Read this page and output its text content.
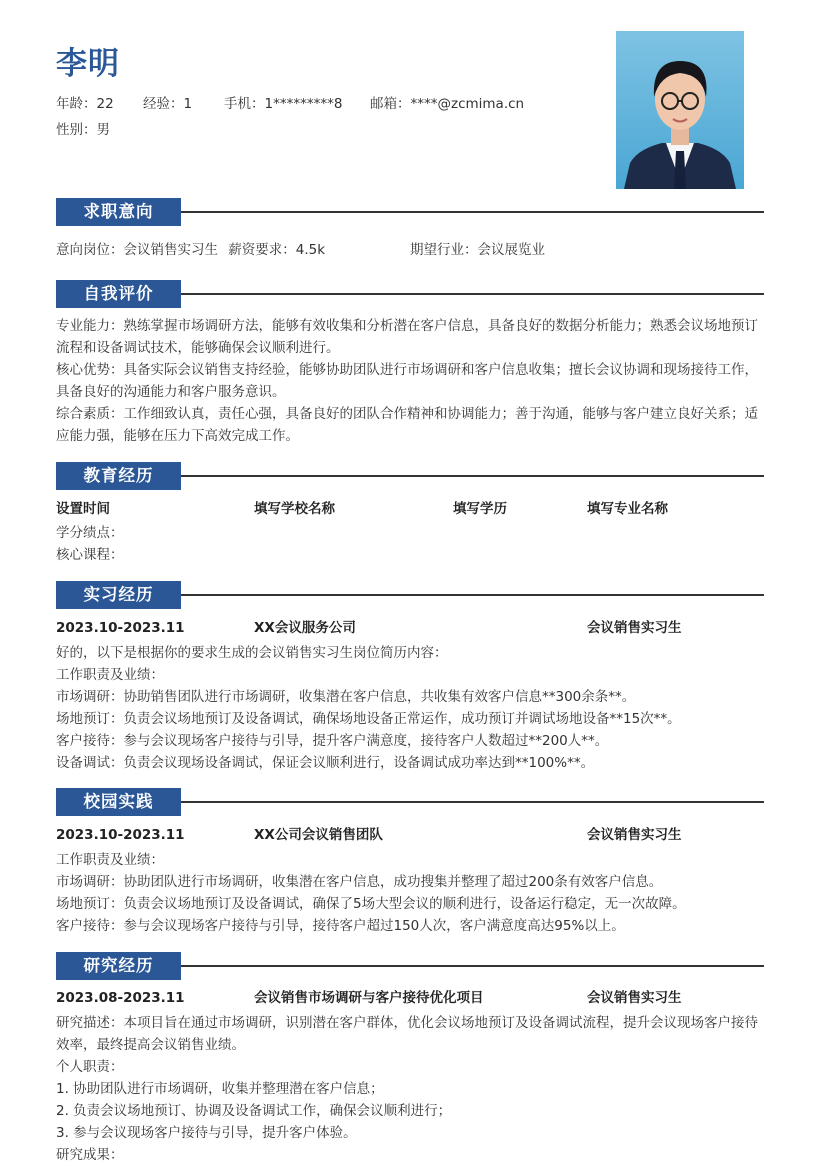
李明
年龄：22	经验：1	手机：1*********8	邮箱：****@zcmima.cn
性别：男
求职意向
意向岗位：会议销售实习生 薪资要求：4.5k	期望行业：会议展览业
自我评价

专业能力：熟练掌握市场调研方法，能够有效收集和分析潜在客户信息，具备良好的数据分析能力；熟悉会议场地预订流程和设备调试技术，能够确保会议顺利进行。

核心优势：具备实际会议销售支持经验，能够协助团队进行市场调研和客户信息收集；擅长会议协调和现场接待工作，具备良好的沟通能力和客户服务意识。

综合素质：工作细致认真，责任心强，具备良好的团队合作精神和协调能力；善于沟通，能够与客户建立良好关系；适应能力强，能够在压力下高效完成工作。

教育经历
设置时间	填写学校名称	填写学历	填写专业名称
学分绩点：
核心课程：
实习经历
2023.10-2023.11	XX会议服务公司	会议销售实习生
好的，以下是根据你的要求生成的会议销售实习生岗位简历内容：
工作职责及业绩：
市场调研：协助销售团队进行市场调研，收集潜在客户信息，共收集有效客户信息**300余条**。
场地预订：负责会议场地预订及设备调试，确保场地设备正常运作，成功预订并调试场地设备**15次**。
客户接待：参与会议现场客户接待与引导，提升客户满意度，接待客户人数超过**200人**。
设备调试：负责会议现场设备调试，保证会议顺利进行，设备调试成功率达到**100%**。
校园实践
2023.10-2023.11	XX公司会议销售团队	会议销售实习生
工作职责及业绩：
市场调研：协助团队进行市场调研，收集潜在客户信息，成功搜集并整理了超过200条有效客户信息。
场地预订：负责会议场地预订及设备调试，确保了5场大型会议的顺利进行，设备运行稳定，无一次故障。
客户接待：参与会议现场客户接待与引导，接待客户超过150人次，客户满意度高达95%以上。
研究经历
2023.08-2023.11	会议销售市场调研与客户接待优化项目	会议销售实习生

研究描述：本项目旨在通过市场调研，识别潜在客户群体，优化会议场地预订及设备调试流程，提升会议现场客户接待效率，最终提高会议销售业绩。

个人职责：
1. 协助团队进行市场调研，收集并整理潜在客户信息；
2. 负责会议场地预订、协调及设备调试工作，确保会议顺利进行；
3. 参与会议现场客户接待与引导，提升客户体验。
研究成果：
